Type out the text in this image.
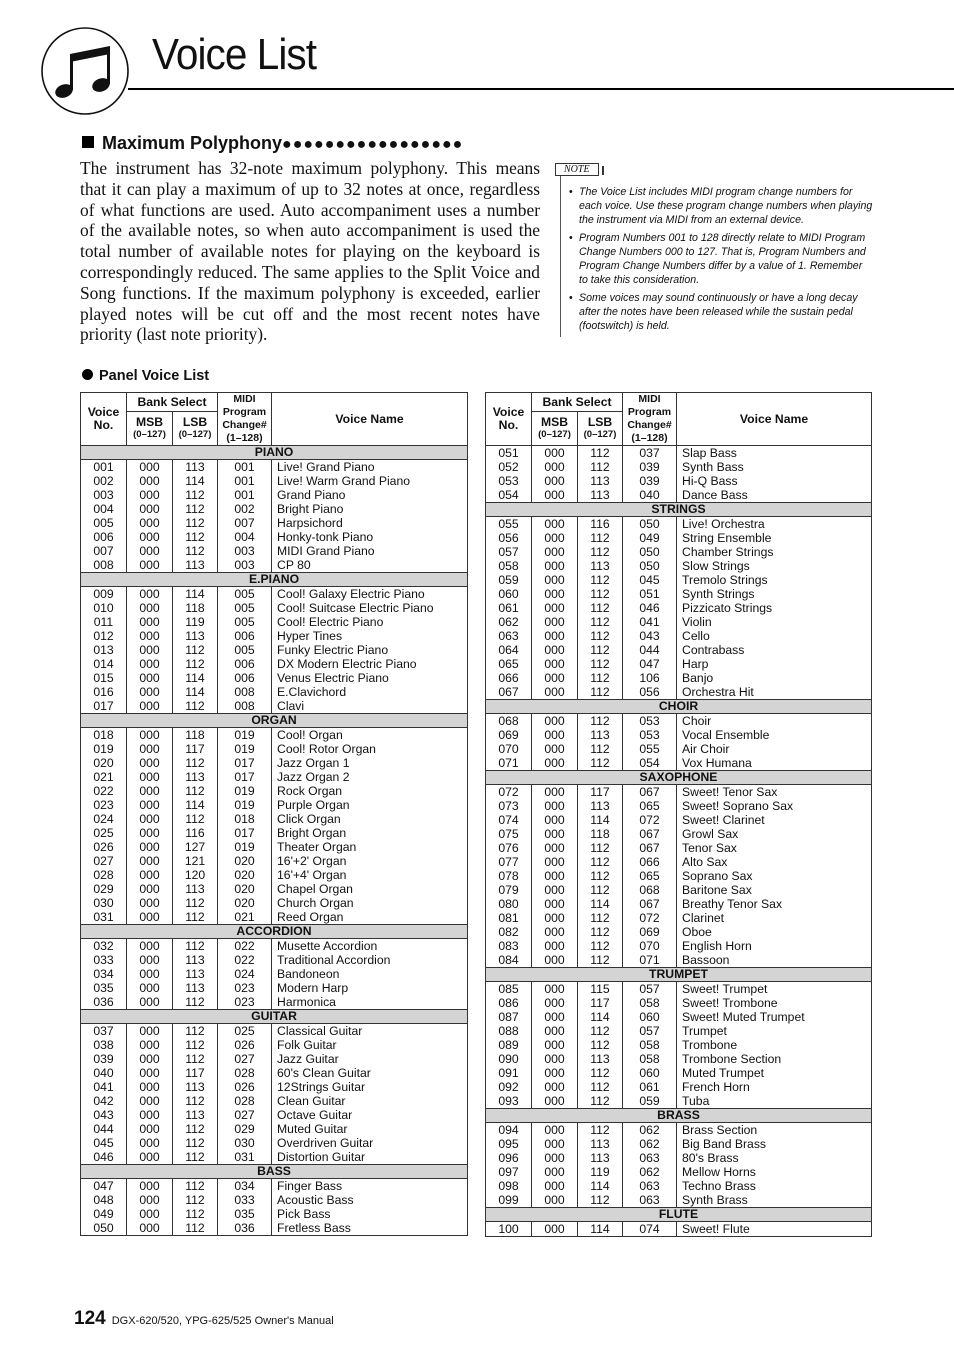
Voice List
Maximum Polyphony●●●●●●●●●●●●●●●●●

The instrument has 32-note maximum polyphony. This means that it can play a maximum of up to 32 notes at once, regardless of what functions are used. Auto accompaniment uses a number of the available notes, so when auto accompaniment is used the total number of available notes for playing on the keyboard is correspondingly reduced. The same applies to the Split Voice and Song functions. If the maximum polyphony is exceeded, earlier played notes will be cut off and the most recent notes have priority (last note priority).

NOTE
• The Voice List includes MIDI program change numbers for each voice. Use these program change numbers when playing the instrument via MIDI from an external device.
• Program Numbers 001 to 128 directly relate to MIDI Program Change Numbers 000 to 127. That is, Program Numbers and Program Change Numbers differ by a value of 1. Remember to take this consideration.
• Some voices may sound continuously or have a long decay after the notes have been released while the sustain pedal (footswitch) is held.
Panel Voice List
Voice No.	Bank Select		MIDI
Program
Change#
(1–128)	Voice Name
	MSB
(0–127)	LSB
(0–127)		

PIANO				
001	000	113	001	Live! Grand Piano
002	000	114	001	Live! Warm Grand Piano
003	000	112	001	Grand Piano
004	000	112	002	Bright Piano
005	000	112	007	Harpsichord
006	000	112	004	Honky-tonk Piano
007	000	112	003	MIDI Grand Piano
008	000	113	003	CP 80
E.PIANO				
009	000	114	005	Cool! Galaxy Electric Piano
010	000	118	005	Cool! Suitcase Electric Piano
011	000	119	005	Cool! Electric Piano
012	000	113	006	Hyper Tines
013	000	112	005	Funky Electric Piano
014	000	112	006	DX Modern Electric Piano
015	000	114	006	Venus Electric Piano
016	000	114	008	E.Clavichord
017	000	112	008	Clavi
ORGAN				
018	000	118	019	Cool! Organ
019	000	117	019	Cool! Rotor Organ
020	000	112	017	Jazz Organ 1
021	000	113	017	Jazz Organ 2
022	000	112	019	Rock Organ
023	000	114	019	Purple Organ
024	000	112	018	Click Organ
025	000	116	017	Bright Organ
026	000	127	019	Theater Organ
027	000	121	020	16'+2' Organ
028	000	120	020	16'+4' Organ
029	000	113	020	Chapel Organ
030	000	112	020	Church Organ
031	000	112	021	Reed Organ
ACCORDION				
032	000	112	022	Musette Accordion
033	000	113	022	Traditional Accordion
034	000	113	024	Bandoneon
035	000	113	023	Modern Harp
036	000	112	023	Harmonica
GUITAR				
037	000	112	025	Classical Guitar
038	000	112	026	Folk Guitar
039	000	112	027	Jazz Guitar
040	000	117	028	60's Clean Guitar
041	000	113	026	12Strings Guitar
042	000	112	028	Clean Guitar
043	000	113	027	Octave Guitar
044	000	112	029	Muted Guitar
045	000	112	030	Overdriven Guitar
046	000	112	031	Distortion Guitar
BASS				
047	000	112	034	Finger Bass
048	000	112	033	Acoustic Bass
049	000	112	035	Pick Bass
050	000	112	036	Fretless Bass
Voice No.	Bank Select		MIDI
Program
Change#
(1–128)	Voice Name
	MSB
(0–127)	LSB
(0–127)		

051	000	112	037	Slap Bass
052	000	112	039	Synth Bass
053	000	113	039	Hi-Q Bass
054	000	113	040	Dance Bass
STRINGS				
055	000	116	050	Live! Orchestra
056	000	112	049	String Ensemble
057	000	112	050	Chamber Strings
058	000	113	050	Slow Strings
059	000	112	045	Tremolo Strings
060	000	112	051	Synth Strings
061	000	112	046	Pizzicato Strings
062	000	112	041	Violin
063	000	112	043	Cello
064	000	112	044	Contrabass
065	000	112	047	Harp
066	000	112	106	Banjo
067	000	112	056	Orchestra Hit
CHOIR				
068	000	112	053	Choir
069	000	113	053	Vocal Ensemble
070	000	112	055	Air Choir
071	000	112	054	Vox Humana
SAXOPHONE				
072	000	117	067	Sweet! Tenor Sax
073	000	113	065	Sweet! Soprano Sax
074	000	114	072	Sweet! Clarinet
075	000	118	067	Growl Sax
076	000	112	067	Tenor Sax
077	000	112	066	Alto Sax
078	000	112	065	Soprano Sax
079	000	112	068	Baritone Sax
080	000	114	067	Breathy Tenor Sax
081	000	112	072	Clarinet
082	000	112	069	Oboe
083	000	112	070	English Horn
084	000	112	071	Bassoon
TRUMPET				
085	000	115	057	Sweet! Trumpet
086	000	117	058	Sweet! Trombone
087	000	114	060	Sweet! Muted Trumpet
088	000	112	057	Trumpet
089	000	112	058	Trombone
090	000	113	058	Trombone Section
091	000	112	060	Muted Trumpet
092	000	112	061	French Horn
093	000	112	059	Tuba
BRASS				
094	000	112	062	Brass Section
095	000	113	062	Big Band Brass
096	000	113	063	80's Brass
097	000	119	062	Mellow Horns
098	000	114	063	Techno Brass
099	000	112	063	Synth Brass
FLUTE				
100	000	114	074	Sweet! Flute
124 DGX-620/520, YPG-625/525 Owner's Manual
